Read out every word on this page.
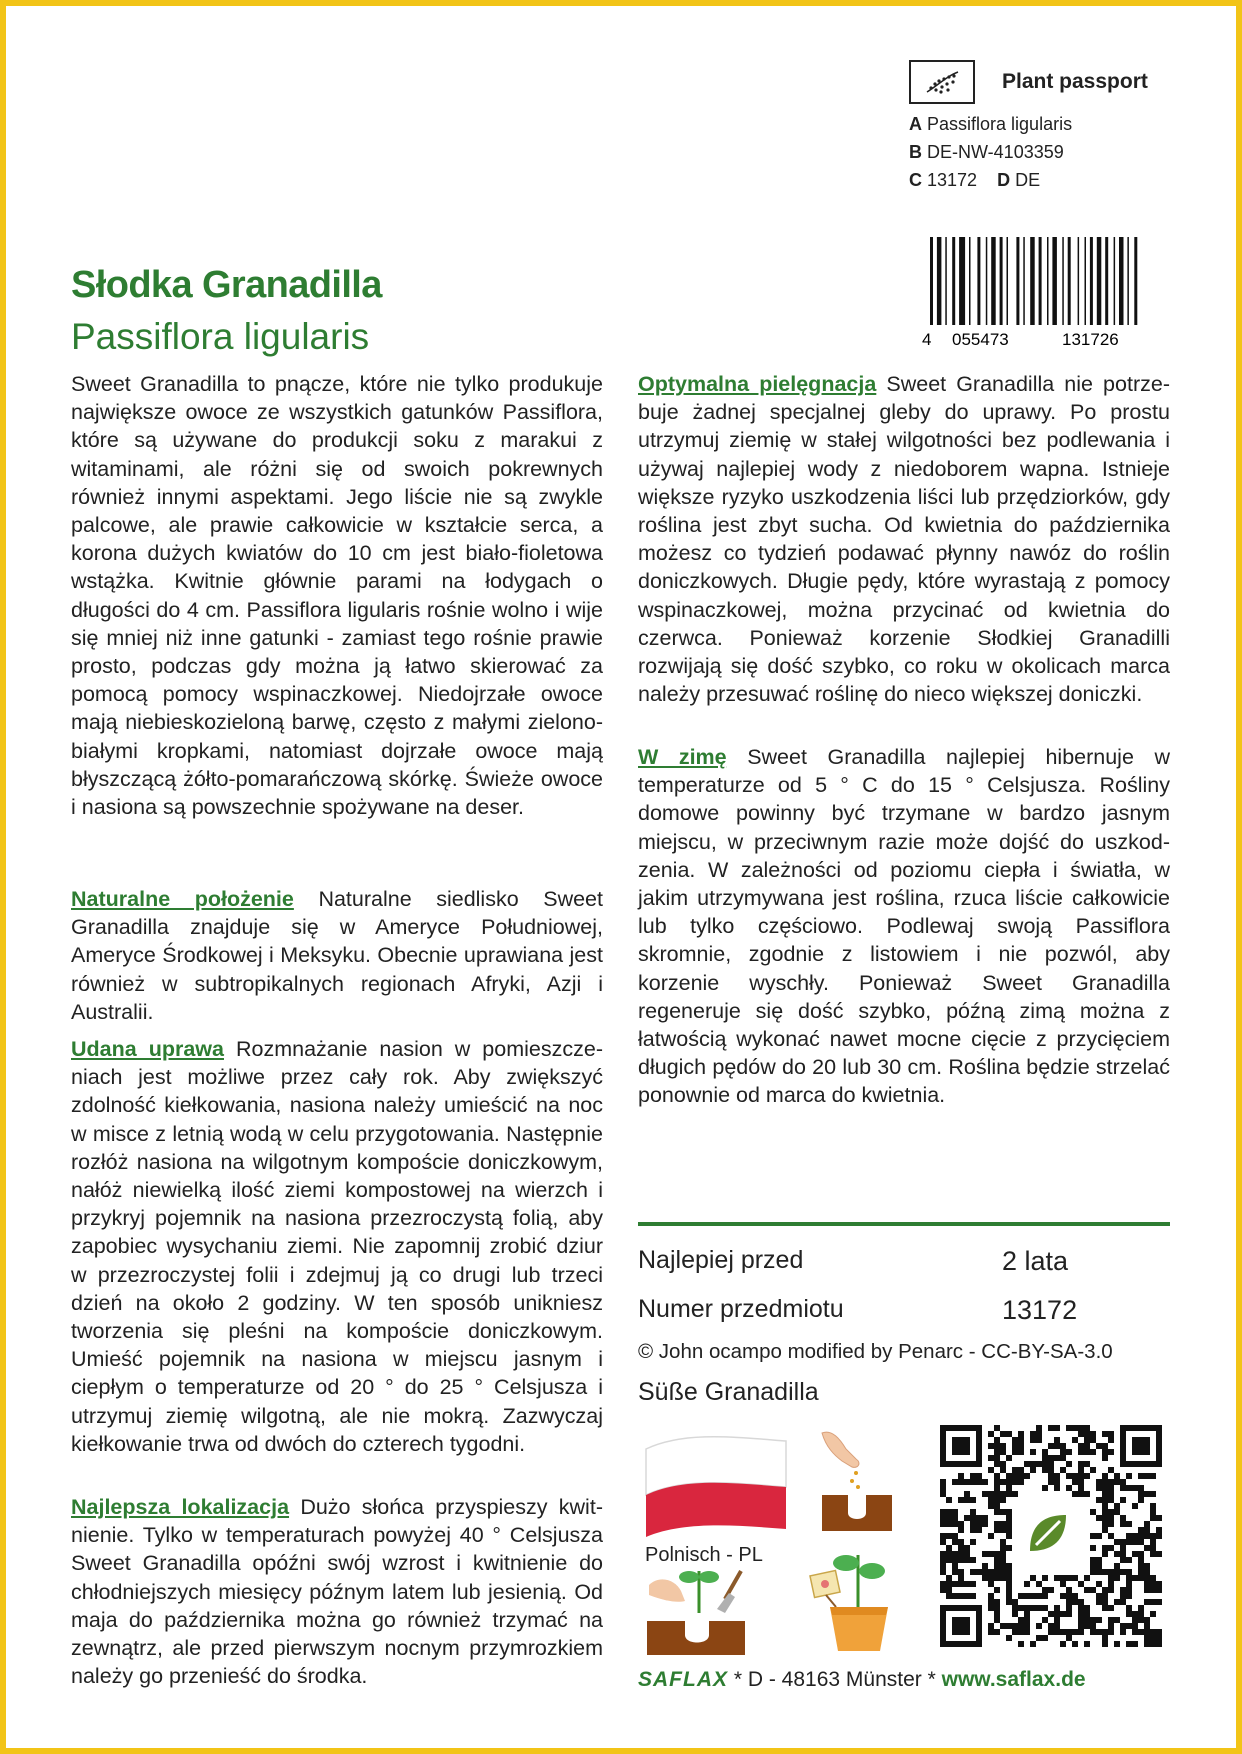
Plant passport
A Passiflora ligularis
B DE-NW-4103359
C 13172 D DE
4 055473	131726
Słodka Granadilla
Passiflora ligularis
Sweet Granadilla to pnącze, które nie tylko produkuje największe owoce ze wszystkich gatunków Passiflora, które są używane do produkcji soku z marakui z witaminami, ale różni się od swoich pokrewnych również innymi aspektami. Jego liście nie są zwykle palcowe, ale prawie całkowicie w kształcie serca, a korona dużych kwiatów do 10 cm jest biało-fioletowa wstążka. Kwitnie głównie parami na łodygach o długości do 4 cm. Passiflora ligularis rośnie wolno i wije się mniej niż inne gatunki - zamiast tego rośnie prawie prosto, podczas gdy można ją łatwo skierować za pomocą pomocy wspinaczkowej. Niedojrzałe owoce mają niebieskozieloną barwę, często z małymi zielono-białymi kropkami, natomiast dojrzałe owoce mają błyszczącą żółto-pomarańczową skórkę. Świeże owoce i nasiona są powszechnie spożywane na deser.
Naturalne położenie Naturalne siedlisko Sweet Granadilla znajduje się w Ameryce Południowej, Ameryce Środkowej i Meksyku. Obecnie uprawiana jest również w subtropikalnych regionach Afryki, Azji i Australii.
Udana uprawa Rozmnażanie nasion w pomieszczeniach jest możliwe przez cały rok. Aby zwiększyć zdolność kiełkowania, nasiona należy umieścić na noc w misce z letnią wodą w celu przygotowania. Następnie rozłóż nasiona na wilgotnym kompoście doniczkowym, nałóż niewielką ilość ziemi kompostowej na wierzch i przykryj pojemnik na nasiona przezroczystą folią, aby zapobiec wysychaniu ziemi. Nie zapomnij zrobić dziur w przezroczystej folii i zdejmuj ją co drugi lub trzeci dzień na około 2 godziny. W ten sposób unikniesz tworzenia się pleśni na kompoście doniczkowym. Umieść pojemnik na nasiona w miejscu jasnym i ciepłym o temperaturze od 20 ° do 25 ° Celsjusza i utrzymuj ziemię wilgotną, ale nie mokrą. Zazwyczaj kiełkowanie trwa od dwóch do czterech tygodni.
Najlepsza lokalizacja Dużo słońca przyspieszy kwitnienie. Tylko w temperaturach powyżej 40 ° Celsjusza Sweet Granadilla opóźni swój wzrost i kwitnienie do chłodniejszych miesięcy późnym latem lub jesienią. Od maja do października można go również trzymać na zewnątrz, ale przed pierwszym nocnym przymrozkiem należy go przenieść do środka.
Optymalna pielęgnacja Sweet Granadilla nie potrzebuje żadnej specjalnej gleby do uprawy. Po prostu utrzymuj ziemię w stałej wilgotności bez podlewania i używaj najlepiej wody z niedoborem wapna. Istnieje większe ryzyko uszkodzenia liści lub przędziorków, gdy roślina jest zbyt sucha. Od kwietnia do października możesz co tydzień podawać płynny nawóz do roślin doniczkowych. Długie pędy, które wyrastają z pomocy wspinaczkowej, można przycinać od kwietnia do czerwca. Ponieważ korzenie Słodkiej Granadilli rozwijają się dość szybko, co roku w okolicach marca należy przesuwać roślinę do nieco większej doniczki.
W zimę Sweet Granadilla najlepiej hibernuje w temperaturze od 5 ° C do 15 ° Celsjusza. Rośliny domowe powinny być trzymane w bardzo jasnym miejscu, w przeciwnym razie może dojść do uszkodzenia. W zależności od poziomu ciepła i światła, w jakim utrzymywana jest roślina, rzuca liście całkowicie lub tylko częściowo. Podlewaj swoją Passiflora skromnie, zgodnie z listowiem i nie pozwól, aby korzenie wyschły. Ponieważ Sweet Granadilla regeneruje się dość szybko, późną zimą można z łatwością wykonać nawet mocne cięcie z przycięciem długich pędów do 20 lub 30 cm. Roślina będzie strzelać ponownie od marca do kwietnia.
Najlepiej przed	2 lata
Numer przedmiotu	13172
© John ocampo modified by Penarc - CC-BY-SA-3.0
Süße Granadilla
Polnisch - PL
SAFLAX * D - 48163 Münster * www.saflax.de
